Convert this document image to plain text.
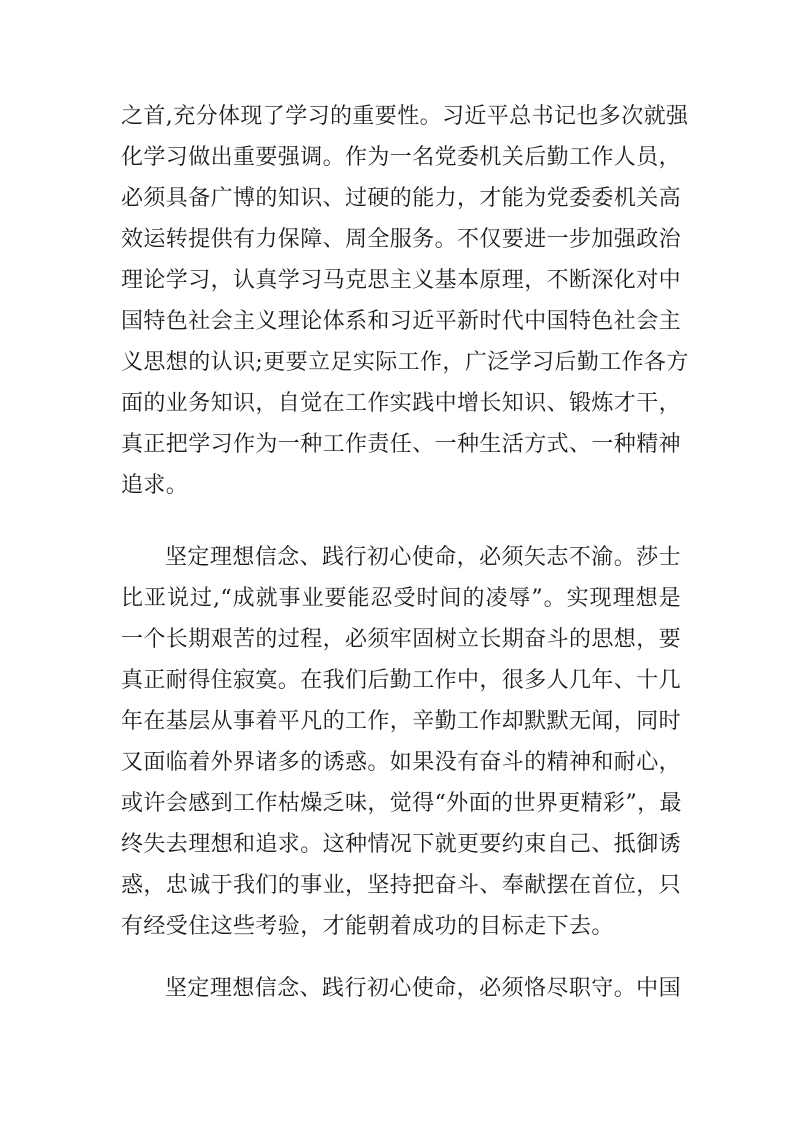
之首,充分体现了学习的重要性。习近平总书记也多次就强
化学习做出重要强调。作为一名党委机关后勤工作人员，
必须具备广博的知识、过硬的能力，才能为党委委机关高
效运转提供有力保障、周全服务。不仅要进一步加强政治
理论学习，认真学习马克思主义基本原理，不断深化对中
国特色社会主义理论体系和习近平新时代中国特色社会主
义思想的认识;更要立足实际工作，广泛学习后勤工作各方
面的业务知识，自觉在工作实践中增长知识、锻炼才干，
真正把学习作为一种工作责任、一种生活方式、一种精神
追求。
坚定理想信念、践行初心使命，必须矢志不渝。莎士
比亚说过,“成就事业要能忍受时间的凌辱”。实现理想是
一个长期艰苦的过程，必须牢固树立长期奋斗的思想，要
真正耐得住寂寞。在我们后勤工作中，很多人几年、十几
年在基层从事着平凡的工作，辛勤工作却默默无闻，同时
又面临着外界诸多的诱惑。如果没有奋斗的精神和耐心，
或许会感到工作枯燥乏味，觉得“外面的世界更精彩”，最
终失去理想和追求。这种情况下就更要约束自己、抵御诱
惑，忠诚于我们的事业，坚持把奋斗、奉献摆在首位，只
有经受住这些考验，才能朝着成功的目标走下去。
坚定理想信念、践行初心使命，必须恪尽职守。中国
